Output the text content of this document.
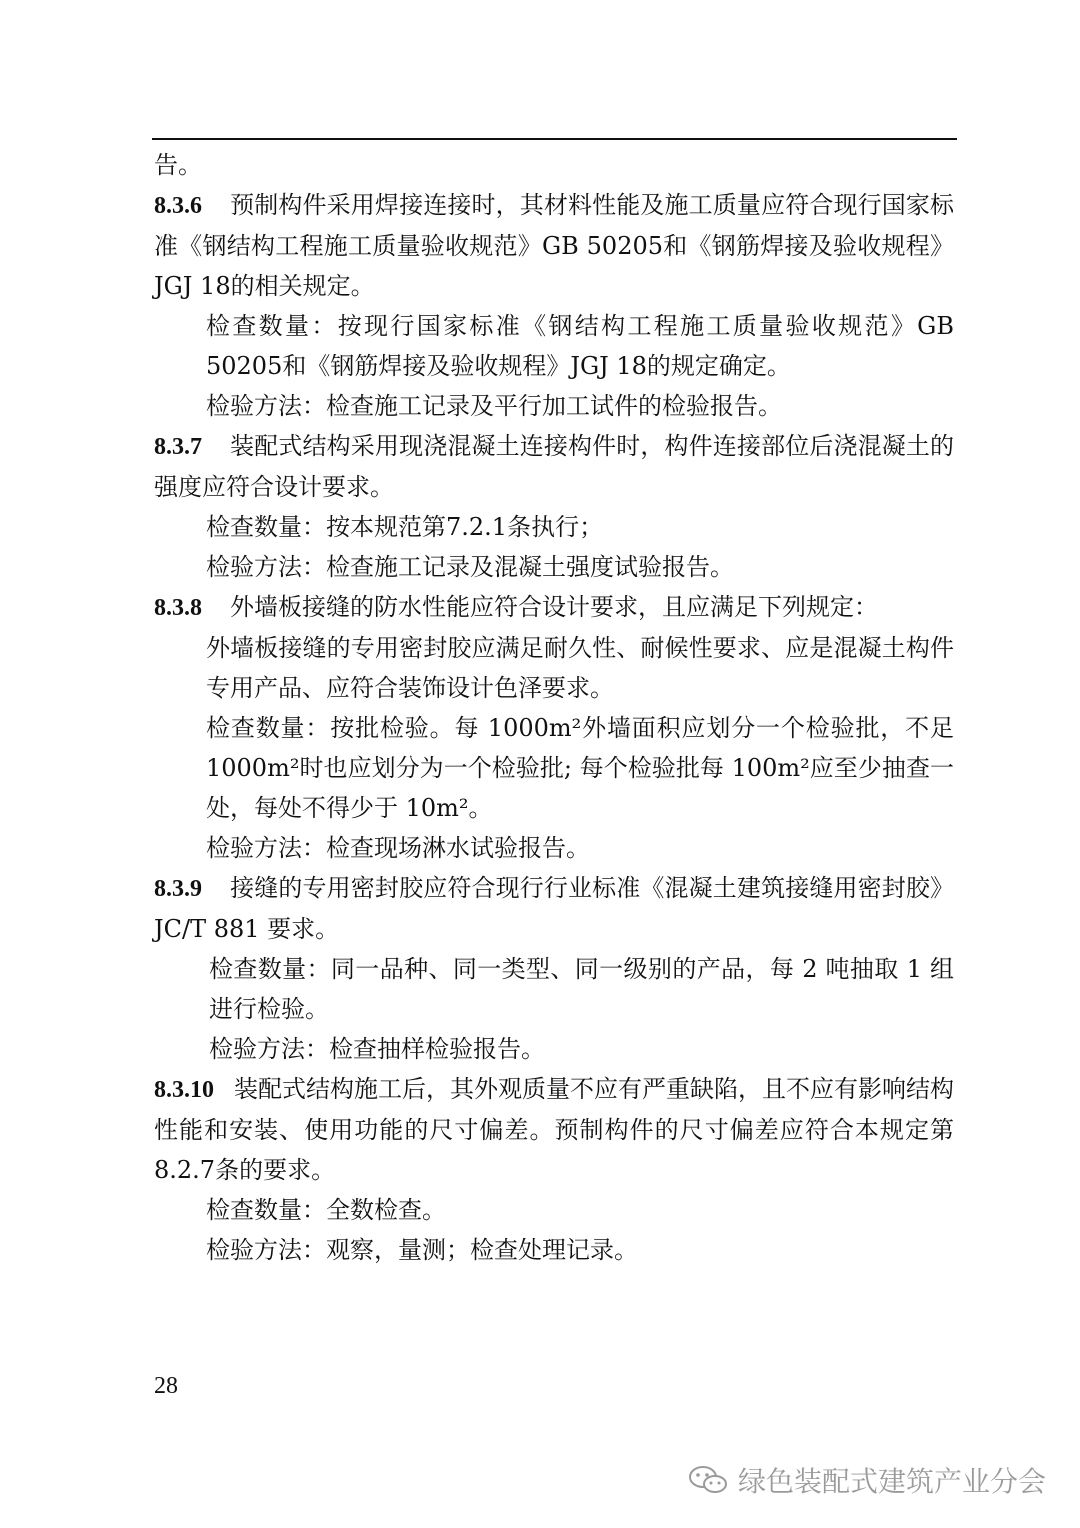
告。

8.3.6 预制构件采用焊接连接时，其材料性能及施工质量应符合现行国家标准《钢结构工程施工质量验收规范》GB 50205和《钢筋焊接及验收规程》JGJ 18的相关规定。

检查数量：按现行国家标准《钢结构工程施工质量验收规范》GB 50205和《钢筋焊接及验收规程》JGJ 18的规定确定。

检验方法：检查施工记录及平行加工试件的检验报告。

8.3.7 装配式结构采用现浇混凝土连接构件时，构件连接部位后浇混凝土的强度应符合设计要求。

检查数量：按本规范第7.2.1条执行；

检验方法：检查施工记录及混凝土强度试验报告。

8.3.8 外墙板接缝的防水性能应符合设计要求，且应满足下列规定：

外墙板接缝的专用密封胶应满足耐久性、耐候性要求、应是混凝土构件专用产品、应符合装饰设计色泽要求。

检查数量：按批检验。每 1000m²外墙面积应划分一个检验批，不足1000m²时也应划分为一个检验批; 每个检验批每 100m²应至少抽查一处，每处不得少于 10m²。

检验方法：检查现场淋水试验报告。

8.3.9 接缝的专用密封胶应符合现行行业标准《混凝土建筑接缝用密封胶》JC/T 881 要求。

检查数量：同一品种、同一类型、同一级别的产品，每 2 吨抽取 1 组进行检验。

检验方法：检查抽样检验报告。

8.3.10 装配式结构施工后，其外观质量不应有严重缺陷，且不应有影响结构性能和安装、使用功能的尺寸偏差。预制构件的尺寸偏差应符合本规定第8.2.7条的要求。

检查数量：全数检查。

检验方法：观察，量测；检查处理记录。

28
绿色装配式建筑产业分会
